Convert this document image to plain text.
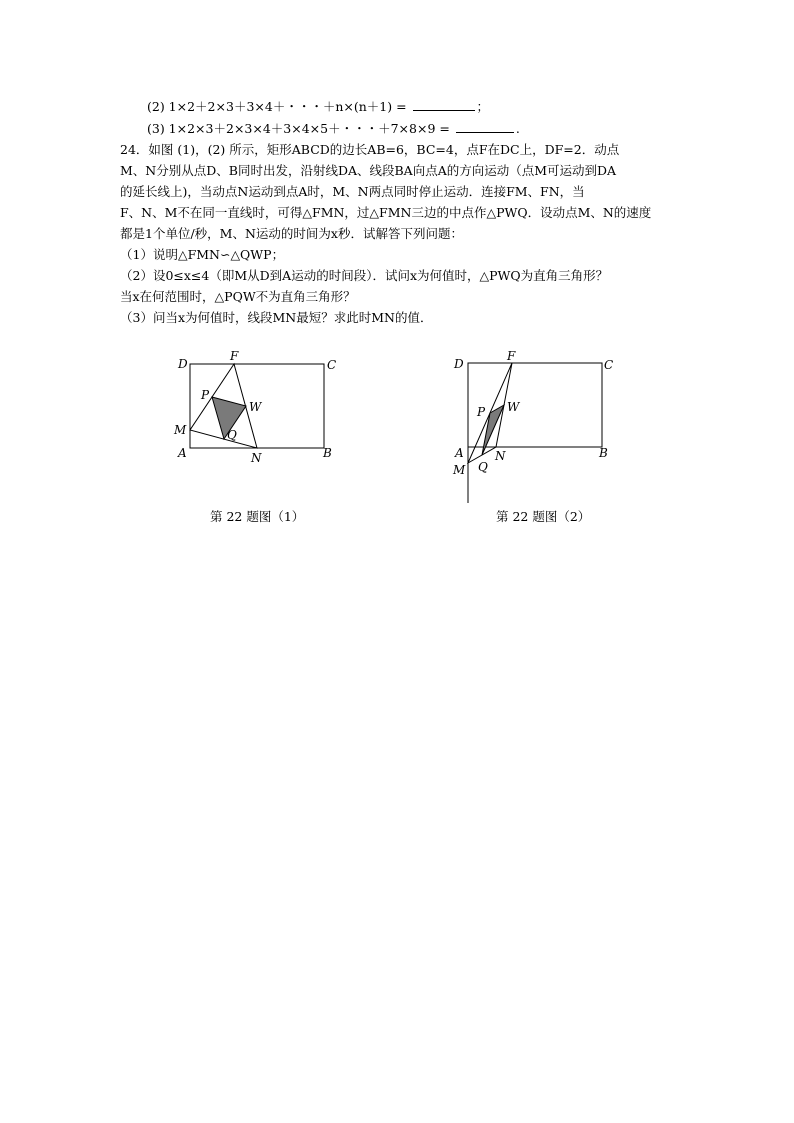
(2) 1×2＋2×3＋3×4＋・・・＋n×(n＋1) =	；
(3) 1×2×3＋2×3×4＋3×4×5＋・・・＋7×8×9 =	.
24．如图 (1)，(2) 所示，矩形ABCD的边长AB=6，BC=4，点F在DC上，DF=2．动点
M、N分别从点D、B同时出发，沿射线DA、线段BA向点A的方向运动（点M可运动到DA
的延长线上)，当动点N运动到点A时，M、N两点同时停止运动．连接FM、FN，当
F、N、M不在同一直线时，可得△FMN，过△FMN三边的中点作△PWQ．设动点M、N的速度
都是1个单位/秒，M、N运动的时间为x秒．试解答下列问题：
（1）说明△FMN∽△QWP；
（2）设0≤x≤4（即M从D到A运动的时间段）．试问x为何值时，△PWQ为直角三角形？
当x在何范围时，△PQW不为直角三角形？
（3）问当x为何值时，线段MN最短？求此时MN的值．
D
F
C
P
W
M	Q
A	N	B
第 22 题图（1）
D
F
C
P W
A
M Q
N	B
第 22 题图（2）
